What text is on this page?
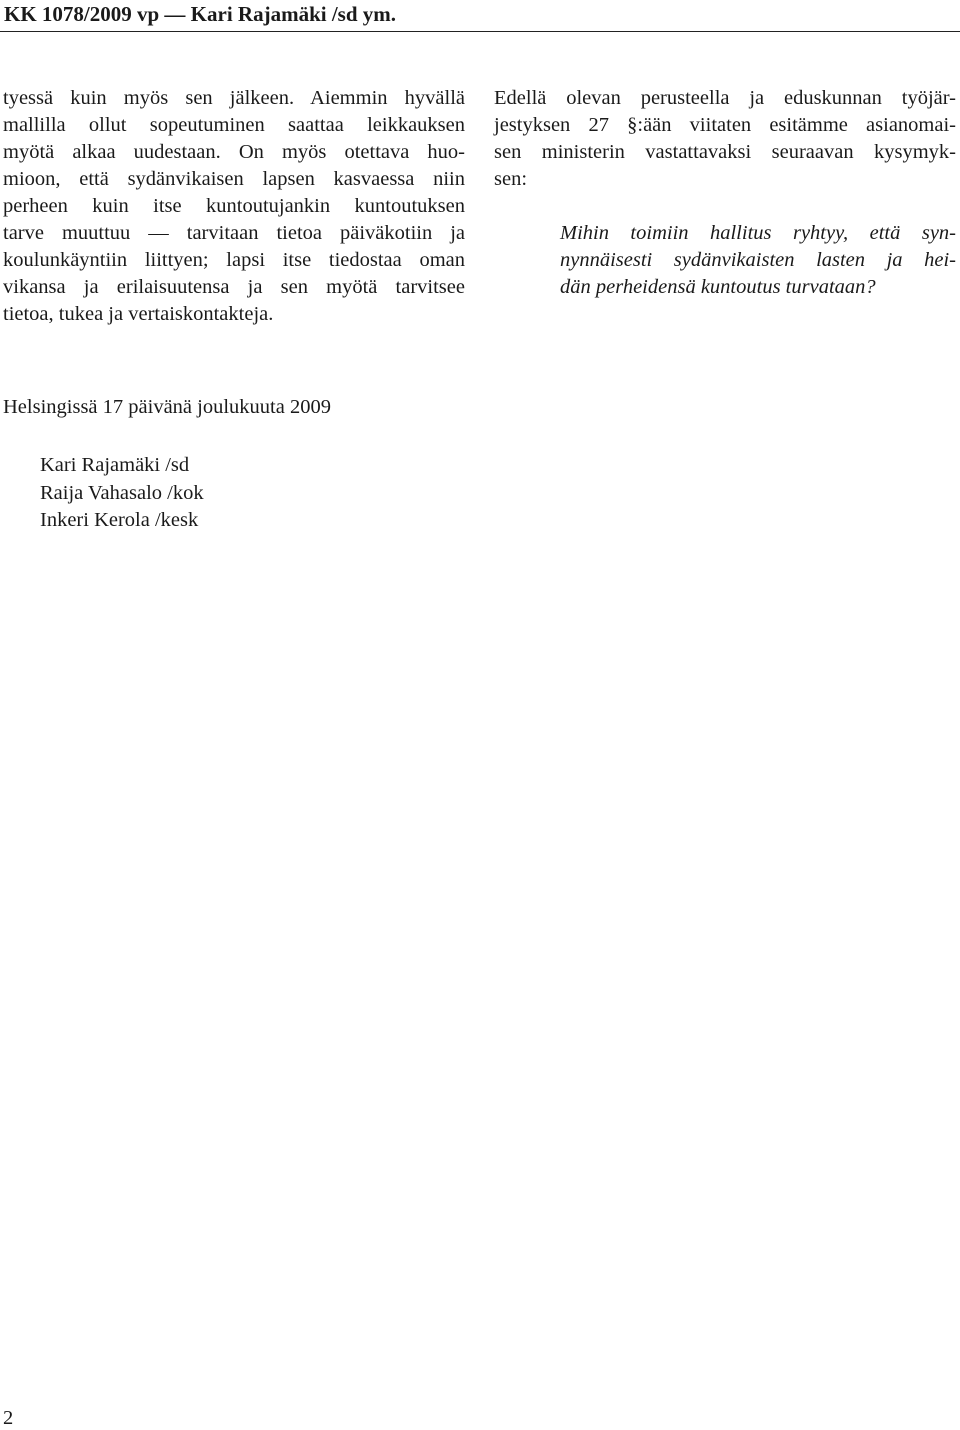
KK 1078/2009 vp — Kari Rajamäki /sd ym.
tyessä kuin myös sen jälkeen. Aiemmin hyvällä
mallilla ollut sopeutuminen saattaa leikkauksen
myötä alkaa uudestaan. On myös otettava huo-
mioon, että sydänvikaisen lapsen kasvaessa niin
perheen kuin itse kuntoutujankin kuntoutuksen
tarve muuttuu — tarvitaan tietoa päiväkotiin ja
koulunkäyntiin liittyen; lapsi itse tiedostaa oman
vikansa ja erilaisuutensa ja sen myötä tarvitsee
tietoa, tukea ja vertaiskontakteja.
Edellä olevan perusteella ja eduskunnan työjär-
jestyksen 27 §:ään viitaten esitämme asianomai-
sen ministerin vastattavaksi seuraavan kysymyk-
sen:
Mihin toimiin hallitus ryhtyy, että syn-
nynnäisesti sydänvikaisten lasten ja hei-
dän perheidensä kuntoutus turvataan?
Helsingissä 17 päivänä joulukuuta 2009
Kari Rajamäki /sd
Raija Vahasalo /kok
Inkeri Kerola /kesk
2
